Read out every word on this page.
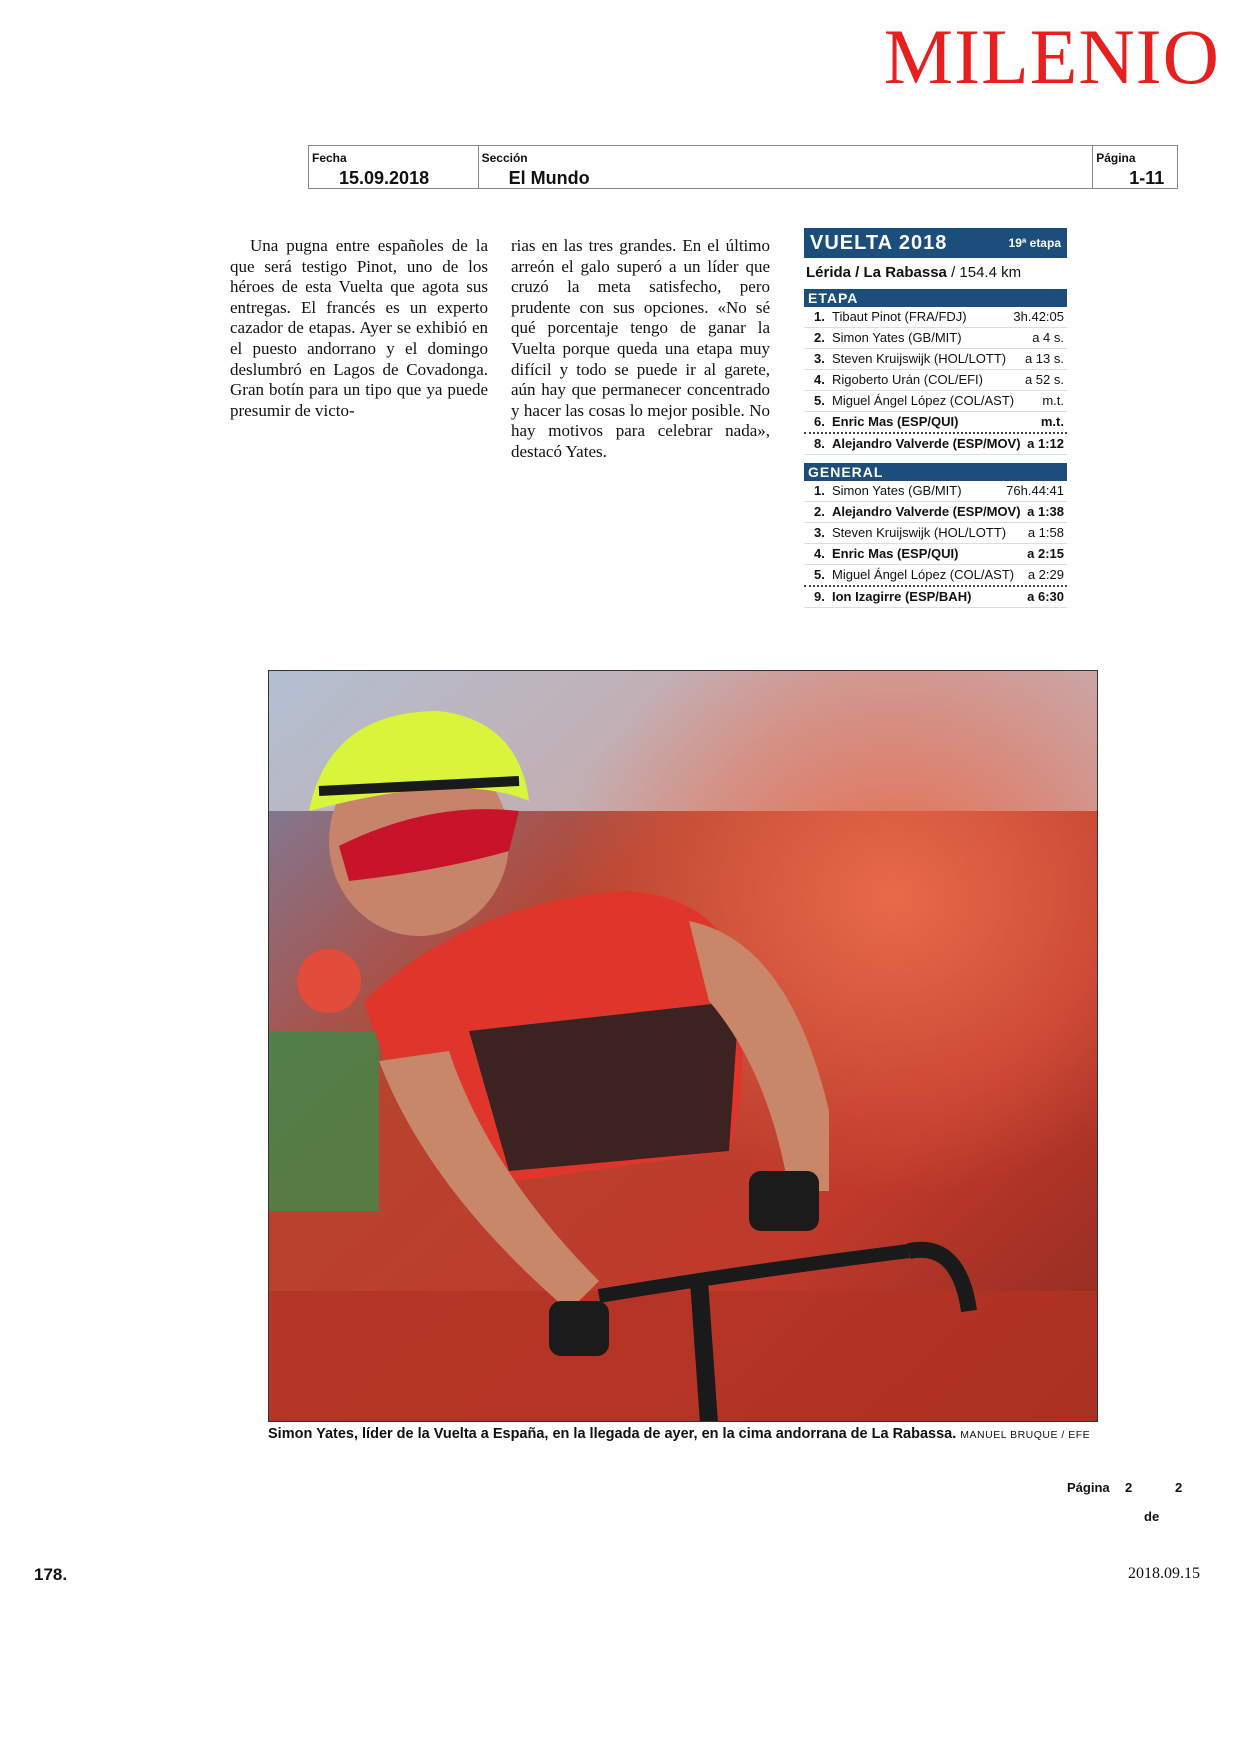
MILENIO
Fecha
15.09.2018
Sección
El Mundo
Página
1-11

Una pugna entre españoles de la que será testigo Pinot, uno de los héroes de esta Vuelta que agota sus entregas. El francés es un experto cazador de etapas. Ayer se exhibió en el puesto andorrano y el domingo deslumbró en Lagos de Covadonga. Gran botín para un tipo que ya puede presumir de victo-

rias en las tres grandes. En el último arreón el galo superó a un líder que cruzó la meta satisfecho, pero prudente con sus opciones. «No sé qué porcentaje tengo de ganar la Vuelta porque queda una etapa muy difícil y todo se puede ir al garete, aún hay que permanecer concentrado y hacer las cosas lo mejor posible. No hay motivos para celebrar nada», destacó Yates.

VUELTA 2018	19ª etapa
Lérida / La Rabassa / 154.4 km
ETAPA
1. Tibaut Pinot (FRA/FDJ)	3h.42:05
2. Simon Yates (GB/MIT)	a 4 s.
3. Steven Kruijswijk (HOL/LOTT) a 13 s.
4. Rigoberto Urán (COL/EFI)	a 52 s.
5. Miguel Ángel López (COL/AST) m.t.
6. Enric Mas (ESP/QUI)	m.t.
8. Alejandro Valverde (ESP/MOV) a 1:12
GENERAL
1. Simon Yates (GB/MIT)	76h.44:41
2. Alejandro Valverde (ESP/MOV) a 1:38
3. Steven Kruijswijk (HOL/LOTT) a 1:58
4. Enric Mas (ESP/QUI)	a 2:15
5. Miguel Ángel López (COL/AST) a 2:29
9. Ion Izagirre (ESP/BAH)	a 6:30
Simon Yates, líder de la Vuelta a España, en la llegada de ayer, en la cima andorrana de La Rabassa. MANUEL BRUQUE / EFE
Página 2	2
de
178.	2018.09.15
